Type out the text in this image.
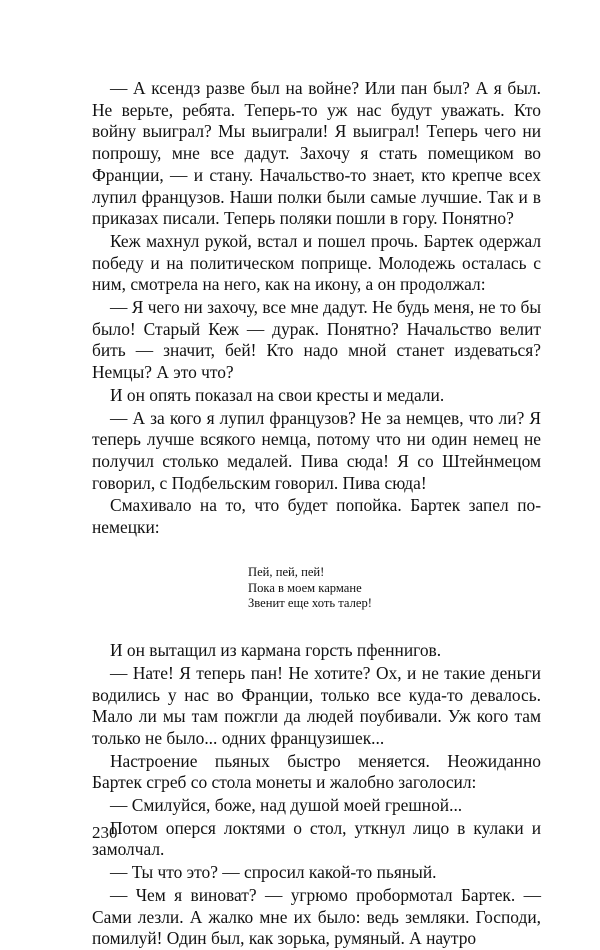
— А ксендз разве был на войне? Или пан был? А я был. Не верьте, ребята. Теперь-то уж нас будут уважать. Кто войну выиграл? Мы выиграли! Я выиграл! Теперь чего ни попрошу, мне все дадут. Захочу я стать помещиком во Франции, — и стану. Начальство-то знает, кто крепче всех лупил французов. Наши полки были самые лучшие. Так и в приказах писали. Теперь поляки пошли в гору. Понятно?

Кеж махнул рукой, встал и пошел прочь. Бартек одержал победу и на политическом поприще. Молодежь осталась с ним, смотрела на него, как на икону, а он продолжал:

— Я чего ни захочу, все мне дадут. Не будь меня, не то бы было! Старый Кеж — дурак. Понятно? Начальство велит бить — значит, бей! Кто надо мной станет издеваться? Немцы? А это что?

И он опять показал на свои кресты и медали.

— А за кого я лупил французов? Не за немцев, что ли? Я теперь лучше всякого немца, потому что ни один немец не получил столько медалей. Пива сюда! Я со Штейнмецом говорил, с Подбельским говорил. Пива сюда!

Смахивало на то, что будет попойка. Бартек запел по-немецки:

Пей, пей, пей!
Пока в моем кармане
Звенит еще хоть талер!

И он вытащил из кармана горсть пфеннигов.

— Нате! Я теперь пан! Не хотите? Ох, и не такие деньги водились у нас во Франции, только все куда-то девалось. Мало ли мы там пожгли да людей поубивали. Уж кого там только не было... одних французишек...

Настроение пьяных быстро меняется. Неожиданно Бартек сгреб со стола монеты и жалобно заголосил:

— Смилуйся, боже, над душой моей грешной...

Потом оперся локтями о стол, уткнул лицо в кулаки и замолчал.

— Ты что это? — спросил какой-то пьяный.

— Чем я виноват? — угрюмо пробормотал Бартек. — Сами лезли. А жалко мне их было: ведь земляки. Господи, помилуй! Один был, как зорька, румяный. А наутро

230
